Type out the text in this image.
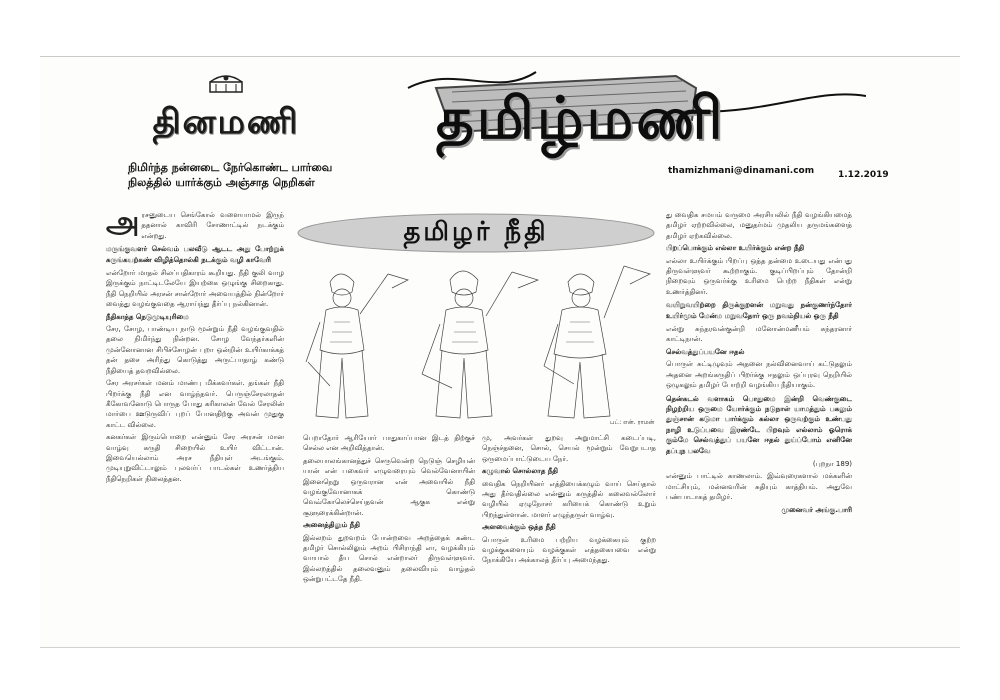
தினமணி
நிமிர்ந்த நன்னடை நேர்கொண்ட பார்வை
நிலத்தில் யார்க்கும் அஞ்சாத நெறிகள்
தமிழ்மணி
thamizhmani@dinamani.com	1.12.2019
தமிழர் நீதி
பட்: என். ராமன்

அ ரசனுடைய செங்கோல் வளையாமல் இருந் ததனால் காவிரி சோணாட்டில் நடக்கும் என்றது.

மருங்குவளர் செல்வம் பலவீடு ஆடட அது போற்றுக் கருங்கயற்கண் விழித்தொல்கி நடக்கும் வழி காவேரி

என்றோர் மாதல் சிலப்பதிகாரம் கூறியது. நீதி குலி வாழ இருக்கும் நாட்டிடலேயே இயற்கை ஒழுங்கு சிறைகாது. நீதி நெறியில் அரசன் சான்றோர் அவையத்தில் நின்றோர் வைத்து வழங்குவதை ஆராய்ந்து தீர்ப்பு நல்கினான்.

நீதிகாத்த நெடுமுடியுரிமை

சேர, சோழ, பாண்டிய நாடு மூன்றும் நீதி வழங்குவதில் தலை நிமிர்ந்து நின்றன. சோழ வேந்தர்களின் முன்னோனான சிபிச்சோழன் புறா ஒன்றின் உயிர்காக்கத் தன் தசை அரிந்து கொடுத்து அருட்பாதாழ் கண்டு நீதியைத் தவறவில்லை.

சேர அரசர்கள் மனம் மாண்பு மிக்கவர்கள். தங்கள் நீதி பிறர்க்கு நீதி என வாழ்ந்தவர். பெருஞ்சேரலாதன் கீகோவனோடு பொருத போது கரிகாலன் வேல் சேரலின் மார்பை ஊடுருவிப் புறப் போனதிற்கு அவன் முதுகு காட்ட வில்லை.

கனகர்கள் இரும்பொறை என்னும் சேர அரசன் மான வாழ்வு கருதி சிறையில் உயிர் விட்டான். இவையெல்லாம் அரச நீதியுள் அடங்கும். முடியுறுவிட்டாலும் புலவர்ப் பாடல்கள் உணர்த்திய நீதிநெறிகள் நிலைத்தன.

பெறாதோர் ஆரியோர் பாதுகாப்பான இடத் திற்குச் செல்ல என அறிவித்தான்.

தலையாலங்கானத்துச் செருவென்ற நெடுஞ் செழியன் யான் என் பகைவர் எழுவரையும் வெல்வேனாயின் இனைநெறு ஒருவரான என் அவையில் நீதி வழங்குவோனாகக் கொண்டு வெவ்கோலெச்செய்தவன் ஆகுக என்று சூளுரைக்கின்றான்.

அனைத்திலும் நீதி

இல்லறம் துறவறம் போன்றவை அறத்தைக் கண்ட தமிழர் சொல்லிலும் அறம் பிசிராந்தி எா, வழக்கியும் வாயால் தீய சொல் என்றாலா் திருவள்ளுவர். இல்லறத்தில் தலைவனும் தலைவியும் வாழ்தல் ஒன்றுபட்டதே நீதி.

மு, அவர்கள் துறவு அறுமாட்சி கடைப்படி, நெஞ்ச்தனை, சொல், செயல் மூன்றும் வேறுபடாத ஒருமைப்பாட்டுடைய நேர்.

கழுவால் சொல்லாத நீதி

வைதிக நெறியினர் எத்தியைக்கழும் வாய் செய்தால் அது தீர்வதில்லை என்னும் கருத்தில் கலைவல்லோர் வழியில் ஏழுநோசர் கரியைக் கொண்டு உறும் பிறந்துள்ளான். மாளர் எழுந்தருள் வாழ்வு.

அளவைக்கும் ஒத்த நீதி

பொருள் உரிமை பற்றிய வழக்கையும் குற்ற வழக்குகளையும் வழக்குகள் எத்தகையவை என்று நோக்கியே அக்காலத் தீர்ப்பு அமைந்தது.

து வைதிக சமயம் வருமை அரசியலில் நீதி வழங்கியமைத் தமிழர் ஏற்றவில்லை, மனுதர்மம் முதலிய தருமங்களைத் தமிழர் ஏற்கவில்லை.

பிறப்பொக்கும் எல்லா உயிர்க்கும் என்ற நீதி

எல்லா உயிர்க்கும் பிறப்பு ஒத்த தன்மை உடையது என்பது திருவள்ளுவர் கூற்றாகும். குடிப்பிறப்பும் தோன்றி நிறைவும் ஒருவர்க்கு உரிமை பெற்ற நீதிகள் என்று உணர்த்தினர்.

வயிறுவயிற்றை திருக்குறளன் மறுவது நன்குணர்ந்தோர் உயிர்மும் மேன்ம மறுவதோர் ஒரு நவம்நியல் ஒரு நீதி

என்று சுந்தரவன்குன்றி மனோன்மணீயம் சுந்தரனார் காட்டிநான்.

செல்வத்துப்பயனே ஈதல்

பொருள் சுட்டிழுவும் அதனை நல்வினைவாய் கட்டுதலும் அதனை அறங்கருதிப் பிறர்க்கு ஈதலும் ஒப்புரவு நெறியில் ஒழுகலும் தமிழர் போற்றி வழங்கிய நீதியாகும்.

தென்கடல் வளாகம் பொதுமை இன்றி வெண்குடை நிழற்றிய ஒருமை யோர்க்கும் நடுநாள் யாமத்தும் பகலும் துஞ்சான் கடுமா பார்க்கும் கல்லா ஒருவற்கும் உண்பது நாழி உடுப்பவை இரண்டே பிறவும் எல்லாம் ஓரொக் கும்மே செல்வத்துப் பயனே ஈதல் துய்ப்போம் எனினே தப்புந பலவே

(புறநா 189)

என்னும் பாட்டில் காணலாம். இவ்வுரைகளால் மக்களின் மாட்சியும், மன்னவரின் சுதியும் காத்தியம். அதுவே பண்பாடாகத் தமிழர்.

முனைவர் அங்கு.பாரி
